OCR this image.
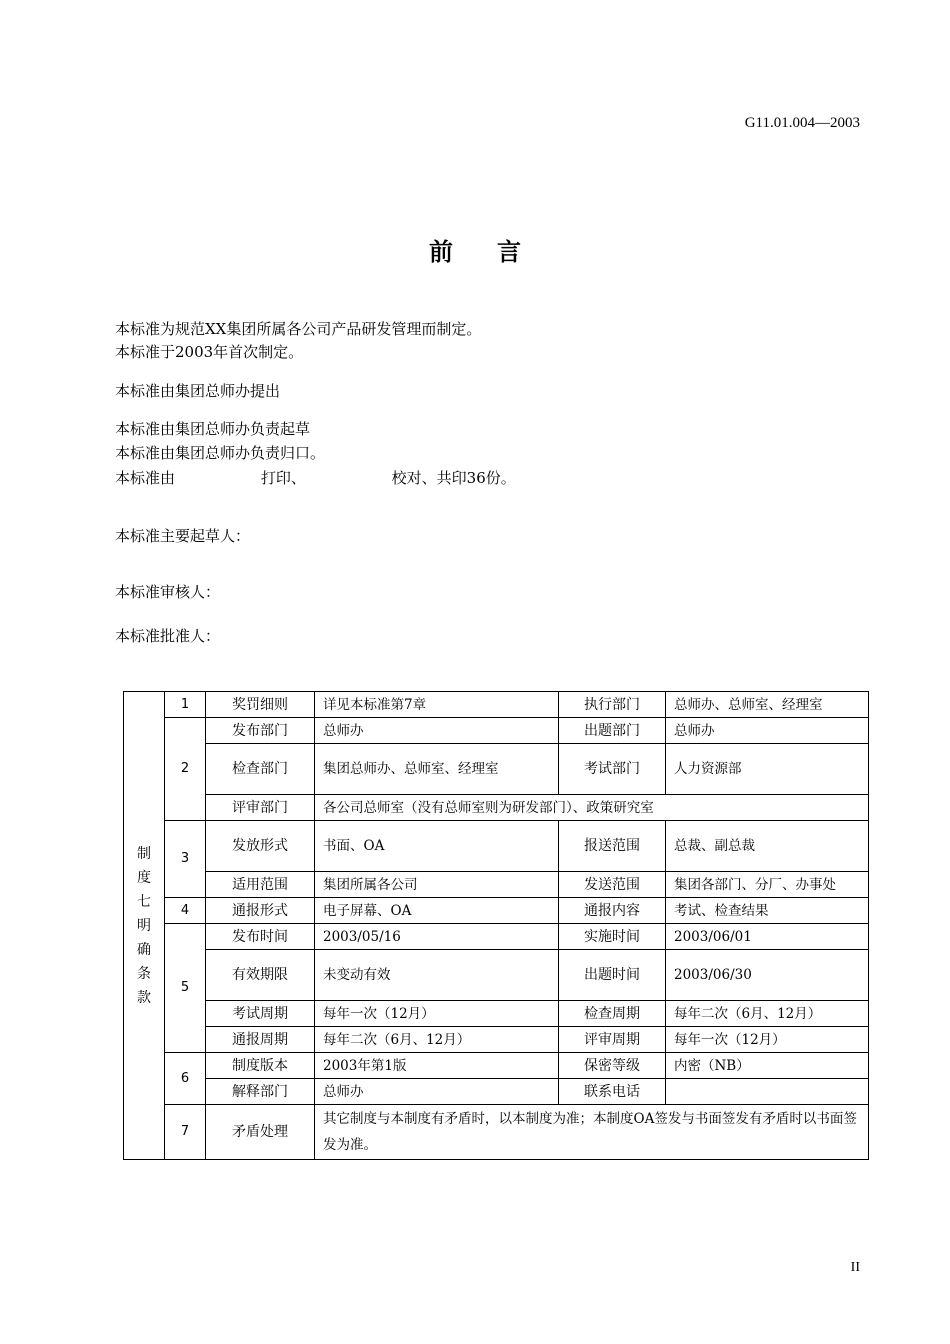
G11.01.004—2003
前言
本标准为规范XX集团所属各公司产品研发管理而制定。
本标准于2003年首次制定。
本标准由集团总师办提出
本标准由集团总师办负责起草
本标准由集团总师办负责归口。
本标准由                  打印、                  校对、共印36份。
本标准主要起草人：
本标准审核人：
本标准批准人：
制度七明确条款	1	奖罚细则	详见本标准第7章	执行部门	总师办、总师室、经理室
	2	发布部门	总师办	出题部门	总师办
		检查部门	集团总师办、总师室、经理室	考试部门	人力资源部
		评审部门	各公司总师室（没有总师室则为研发部门）、政策研究室		
	3	发放形式	书面、OA	报送范围	总裁、副总裁
		适用范围	集团所属各公司	发送范围	集团各部门、分厂、办事处
	4	通报形式	电子屏幕、OA	通报内容	考试、检查结果
	5	发布时间	2003/05/16	实施时间	2003/06/01
		有效期限	未变动有效	出题时间	2003/06/30
		考试周期	每年一次（12月）	检查周期	每年二次（6月、12月）
		通报周期	每年二次（6月、12月）	评审周期	每年一次（12月）
	6	制度版本	2003年第1版	保密等级	内密（NB）
		解释部门	总师办	联系电话	
	7	矛盾处理	其它制度与本制度有矛盾时，以本制度为准；本制度OA签发与书面签发有矛盾时以书面签发为准。		
II
